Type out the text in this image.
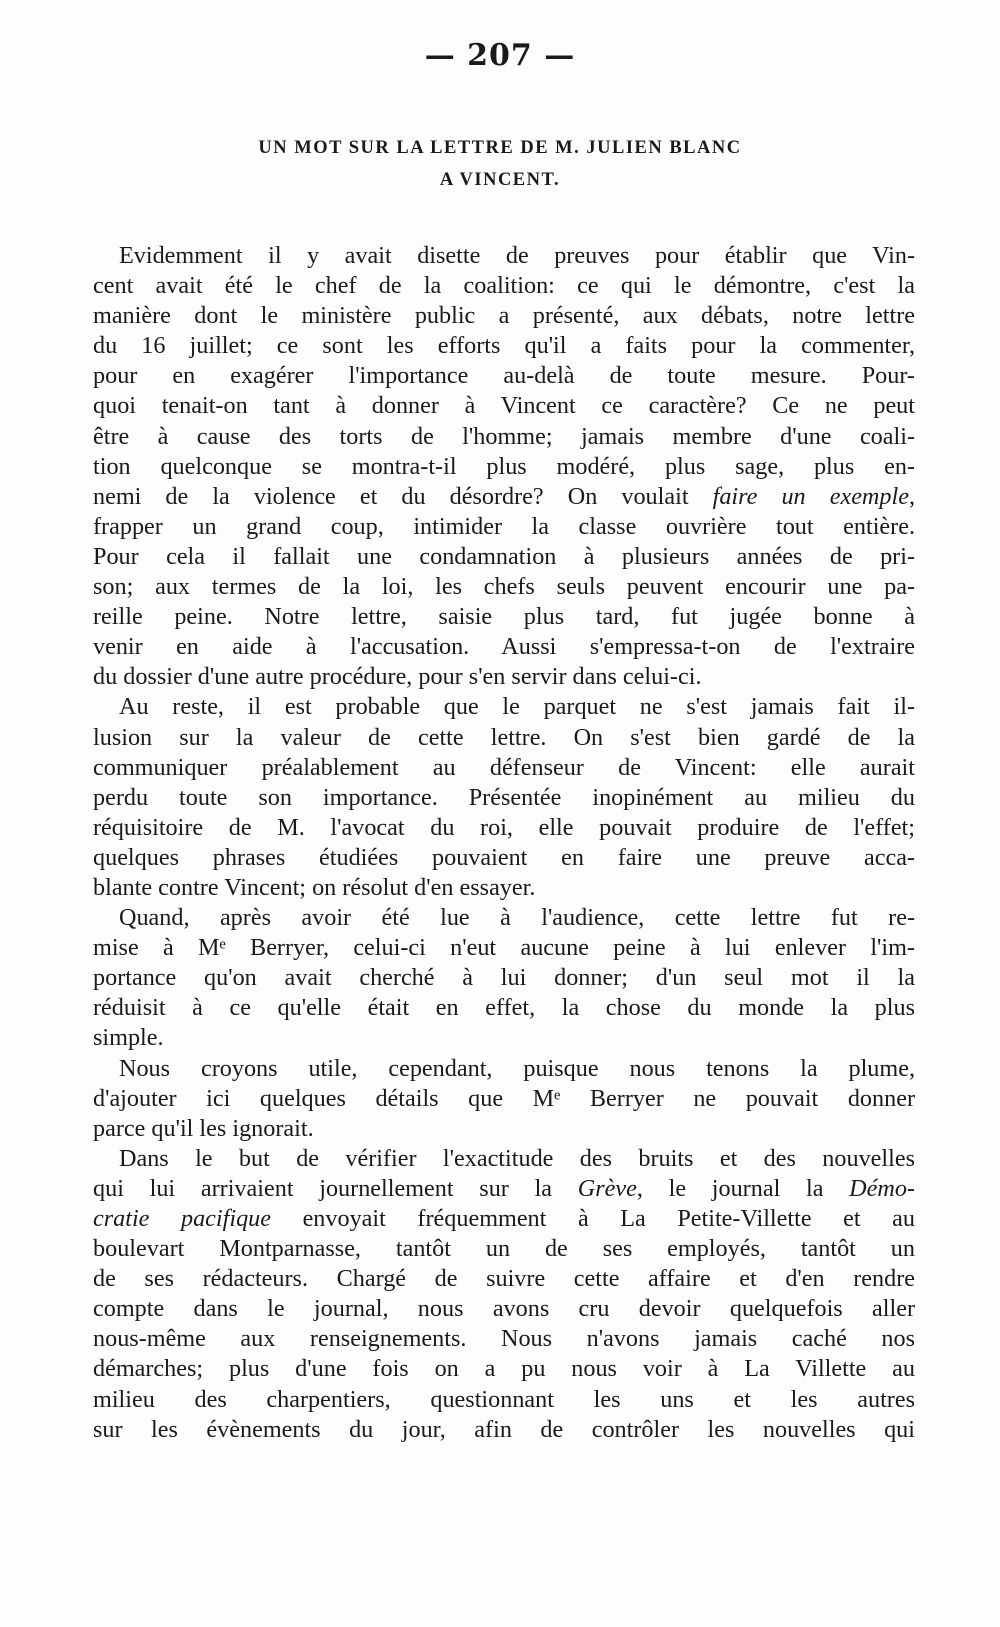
— 207 —
UN MOT SUR LA LETTRE DE M. JULIEN BLANC
A VINCENT.
Evidemment il y avait disette de preuves pour établir que Vin-
cent avait été le chef de la coalition: ce qui le démontre, c'est la
manière dont le ministère public a présenté, aux débats, notre lettre
du 16 juillet; ce sont les efforts qu'il a faits pour la commenter,
pour en exagérer l'importance au-delà de toute mesure. Pour-
quoi tenait-on tant à donner à Vincent ce caractère? Ce ne peut
être à cause des torts de l'homme; jamais membre d'une coali-
tion quelconque se montra-t-il plus modéré, plus sage, plus en-
nemi de la violence et du désordre? On voulait faire un exemple,
frapper un grand coup, intimider la classe ouvrière tout entière.
Pour cela il fallait une condamnation à plusieurs années de pri-
son; aux termes de la loi, les chefs seuls peuvent encourir une pa-
reille peine. Notre lettre, saisie plus tard, fut jugée bonne à
venir en aide à l'accusation. Aussi s'empressa-t-on de l'extraire
du dossier d'une autre procédure, pour s'en servir dans celui-ci.
Au reste, il est probable que le parquet ne s'est jamais fait il-
lusion sur la valeur de cette lettre. On s'est bien gardé de la
communiquer préalablement au défenseur de Vincent: elle aurait
perdu toute son importance. Présentée inopinément au milieu du
réquisitoire de M. l'avocat du roi, elle pouvait produire de l'effet;
quelques phrases étudiées pouvaient en faire une preuve acca-
blante contre Vincent; on résolut d'en essayer.
Quand, après avoir été lue à l'audience, cette lettre fut re-
mise à Mᵉ Berryer, celui-ci n'eut aucune peine à lui enlever l'im-
portance qu'on avait cherché à lui donner; d'un seul mot il la
réduisit à ce qu'elle était en effet, la chose du monde la plus
simple.
Nous croyons utile, cependant, puisque nous tenons la plume,
d'ajouter ici quelques détails que Mᵉ Berryer ne pouvait donner
parce qu'il les ignorait.
Dans le but de vérifier l'exactitude des bruits et des nouvelles
qui lui arrivaient journellement sur la Grève, le journal la Démo-
cratie pacifique envoyait fréquemment à La Petite-Villette et au
boulevart Montparnasse, tantôt un de ses employés, tantôt un
de ses rédacteurs. Chargé de suivre cette affaire et d'en rendre
compte dans le journal, nous avons cru devoir quelquefois aller
nous-même aux renseignements. Nous n'avons jamais caché nos
démarches; plus d'une fois on a pu nous voir à La Villette au
milieu des charpentiers, questionnant les uns et les autres
sur les évènements du jour, afin de contrôler les nouvelles qui
